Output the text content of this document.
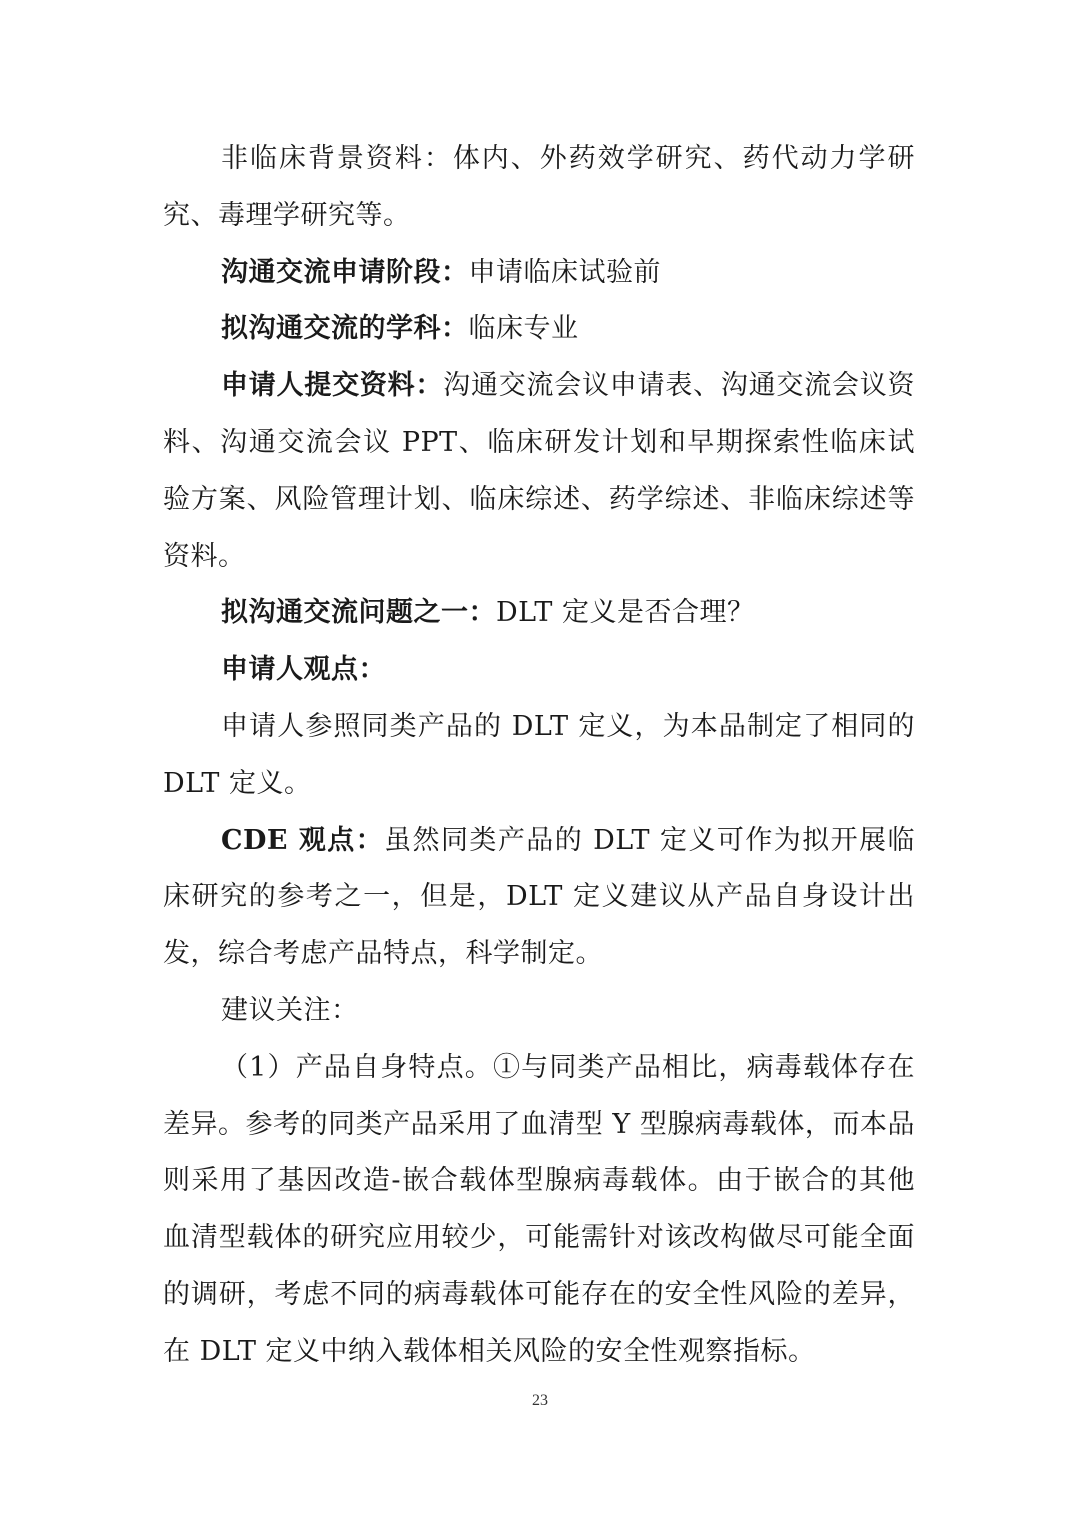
非临床背景资料：体内、外药效学研究、药代动力学研究、毒理学研究等。

沟通交流申请阶段：申请临床试验前

拟沟通交流的学科：临床专业

申请人提交资料：沟通交流会议申请表、沟通交流会议资料、沟通交流会议 PPT、临床研发计划和早期探索性临床试验方案、风险管理计划、临床综述、药学综述、非临床综述等资料。

拟沟通交流问题之一：DLT 定义是否合理？

申请人观点：

申请人参照同类产品的 DLT 定义，为本品制定了相同的 DLT 定义。

CDE 观点：虽然同类产品的 DLT 定义可作为拟开展临床研究的参考之一，但是，DLT 定义建议从产品自身设计出发，综合考虑产品特点，科学制定。

建议关注：

（1）产品自身特点。①与同类产品相比，病毒载体存在差异。参考的同类产品采用了血清型 Y 型腺病毒载体，而本品则采用了基因改造-嵌合载体型腺病毒载体。由于嵌合的其他血清型载体的研究应用较少，可能需针对该改构做尽可能全面的调研，考虑不同的病毒载体可能存在的安全性风险的差异，在 DLT 定义中纳入载体相关风险的安全性观察指标。

23
